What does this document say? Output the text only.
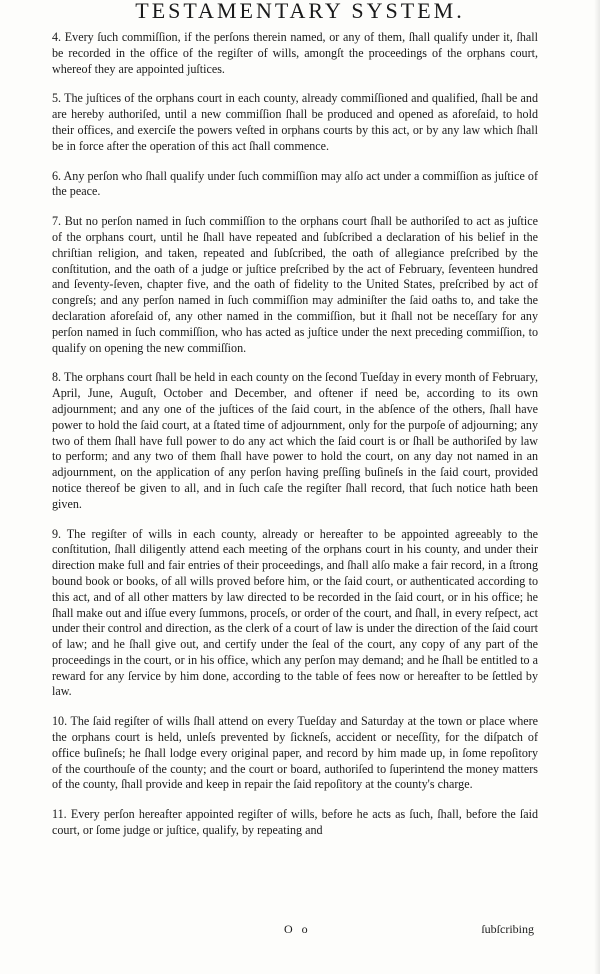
TESTAMENTARY SYSTEM.

4. Every ſuch commiſſion, if the perſons therein named, or any of them, ſhall qualify under it, ſhall be recorded in the office of the regiſter of wills, amongſt the proceedings of the orphans court, whereof they are appointed juſtices.

5. The juſtices of the orphans court in each county, already commiſſioned and qualified, ſhall be and are hereby authoriſed, until a new commiſſion ſhall be produced and opened as aforeſaid, to hold their offices, and exerciſe the powers veſted in orphans courts by this act, or by any law which ſhall be in force after the operation of this act ſhall commence.

6. Any perſon who ſhall qualify under ſuch commiſſion may alſo act under a commiſſion as juſtice of the peace.

7. But no perſon named in ſuch commiſſion to the orphans court ſhall be authoriſed to act as juſtice of the orphans court, until he ſhall have repeated and ſubſcribed a declaration of his belief in the chriſtian religion, and taken, repeated and ſubſcribed, the oath of allegiance preſcribed by the conſtitution, and the oath of a judge or juſtice preſcribed by the act of February, ſeventeen hundred and ſeventy-ſeven, chapter five, and the oath of fidelity to the United States, preſcribed by act of congreſs; and any perſon named in ſuch commiſſion may adminiſter the ſaid oaths to, and take the declaration aforeſaid of, any other named in the commiſſion, but it ſhall not be neceſſary for any perſon named in ſuch commiſſion, who has acted as juſtice under the next preceding commiſſion, to qualify on opening the new commiſſion.

8. The orphans court ſhall be held in each county on the ſecond Tueſday in every month of February, April, June, Auguſt, October and December, and oftener if need be, according to its own adjournment; and any one of the juſtices of the ſaid court, in the abſence of the others, ſhall have power to hold the ſaid court, at a ſtated time of adjournment, only for the purpoſe of adjourning; any two of them ſhall have full power to do any act which the ſaid court is or ſhall be authoriſed by law to perform; and any two of them ſhall have power to hold the court, on any day not named in an adjournment, on the application of any perſon having preſſing buſineſs in the ſaid court, provided notice thereof be given to all, and in ſuch caſe the regiſter ſhall record, that ſuch notice hath been given.

9. The regiſter of wills in each county, already or hereafter to be appointed agreeably to the conſtitution, ſhall diligently attend each meeting of the orphans court in his county, and under their direction make full and fair entries of their proceedings, and ſhall alſo make a fair record, in a ſtrong bound book or books, of all wills proved before him, or the ſaid court, or authenticated according to this act, and of all other matters by law directed to be recorded in the ſaid court, or in his office; he ſhall make out and iſſue every ſummons, proceſs, or order of the court, and ſhall, in every reſpect, act under their control and direction, as the clerk of a court of law is under the direction of the ſaid court of law; and he ſhall give out, and certify under the ſeal of the court, any copy of any part of the proceedings in the court, or in his office, which any perſon may demand; and he ſhall be entitled to a reward for any ſervice by him done, according to the table of fees now or hereafter to be ſettled by law.

10. The ſaid regiſter of wills ſhall attend on every Tueſday and Saturday at the town or place where the orphans court is held, unleſs prevented by ſickneſs, accident or neceſſity, for the diſpatch of office buſineſs; he ſhall lodge every original paper, and record by him made up, in ſome repoſitory of the courthouſe of the county; and the court or board, authoriſed to ſuperintend the money matters of the county, ſhall provide and keep in repair the ſaid repoſitory at the county's charge.

11. Every perſon hereafter appointed regiſter of wills, before he acts as ſuch, ſhall, before the ſaid court, or ſome judge or juſtice, qualify, by repeating and

O o	ſubſcribing
